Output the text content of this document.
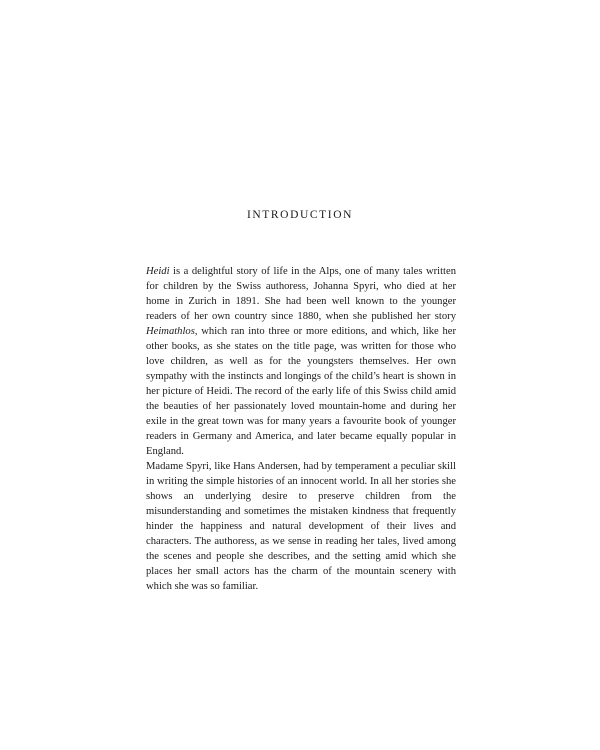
INTRODUCTION

Heidi is a delightful story of life in the Alps, one of many tales written for children by the Swiss authoress, Johanna Spyri, who died at her home in Zurich in 1891. She had been well known to the younger readers of her own country since 1880, when she published her story Heimathlos, which ran into three or more editions, and which, like her other books, as she states on the title page, was written for those who love children, as well as for the youngsters themselves. Her own sympathy with the instincts and longings of the child’s heart is shown in her picture of Heidi. The record of the early life of this Swiss child amid the beauties of her passionately loved mountain-home and during her exile in the great town was for many years a favourite book of younger readers in Germany and America, and later became equally popular in England.

Madame Spyri, like Hans Andersen, had by temperament a peculiar skill in writing the simple histories of an innocent world. In all her stories she shows an underlying desire to preserve children from the misunderstanding and sometimes the mistaken kindness that frequently hinder the happiness and natural development of their lives and characters. The authoress, as we sense in reading her tales, lived among the scenes and people she describes, and the setting amid which she places her small actors has the charm of the mountain scenery with which she was so familiar.
